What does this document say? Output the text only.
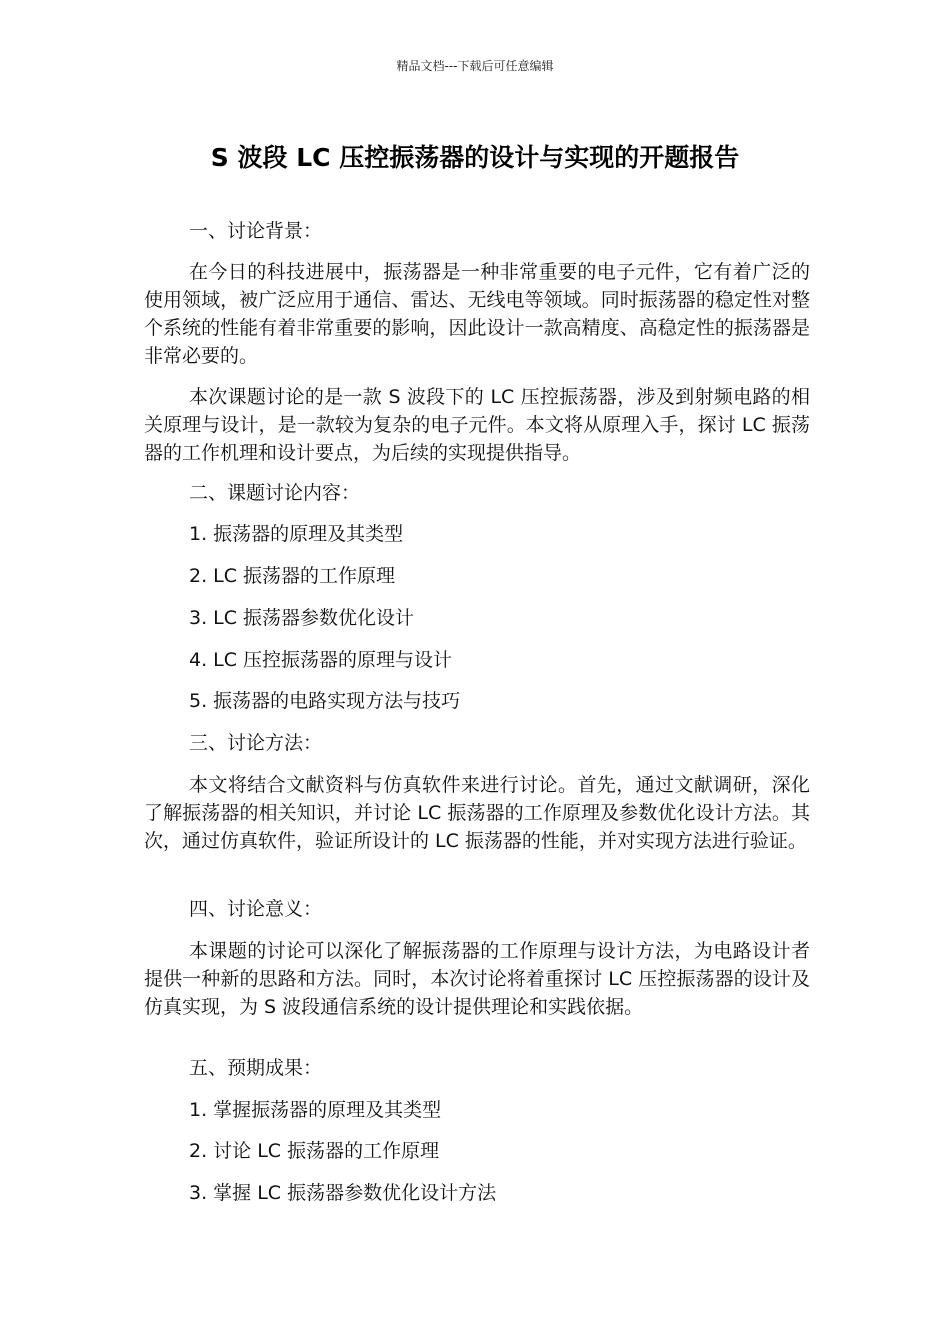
精品文档---下载后可任意编辑
S 波段 LC 压控振荡器的设计与实现的开题报告

一、讨论背景：

在今日的科技进展中，振荡器是一种非常重要的电子元件，它有着广泛的使用领域，被广泛应用于通信、雷达、无线电等领域。同时振荡器的稳定性对整个系统的性能有着非常重要的影响，因此设计一款高精度、高稳定性的振荡器是非常必要的。

本次课题讨论的是一款 S 波段下的 LC 压控振荡器，涉及到射频电路的相关原理与设计，是一款较为复杂的电子元件。本文将从原理入手，探讨 LC 振荡器的工作机理和设计要点，为后续的实现提供指导。

二、课题讨论内容：

1. 振荡器的原理及其类型

2. LC 振荡器的工作原理

3. LC 振荡器参数优化设计

4. LC 压控振荡器的原理与设计

5. 振荡器的电路实现方法与技巧

三、讨论方法：

本文将结合文献资料与仿真软件来进行讨论。首先，通过文献调研，深化了解振荡器的相关知识，并讨论 LC 振荡器的工作原理及参数优化设计方法。其次，通过仿真软件，验证所设计的 LC 振荡器的性能，并对实现方法进行验证。

四、讨论意义：

本课题的讨论可以深化了解振荡器的工作原理与设计方法，为电路设计者提供一种新的思路和方法。同时，本次讨论将着重探讨 LC 压控振荡器的设计及仿真实现，为 S 波段通信系统的设计提供理论和实践依据。

五、预期成果：

1. 掌握振荡器的原理及其类型

2. 讨论 LC 振荡器的工作原理

3. 掌握 LC 振荡器参数优化设计方法
